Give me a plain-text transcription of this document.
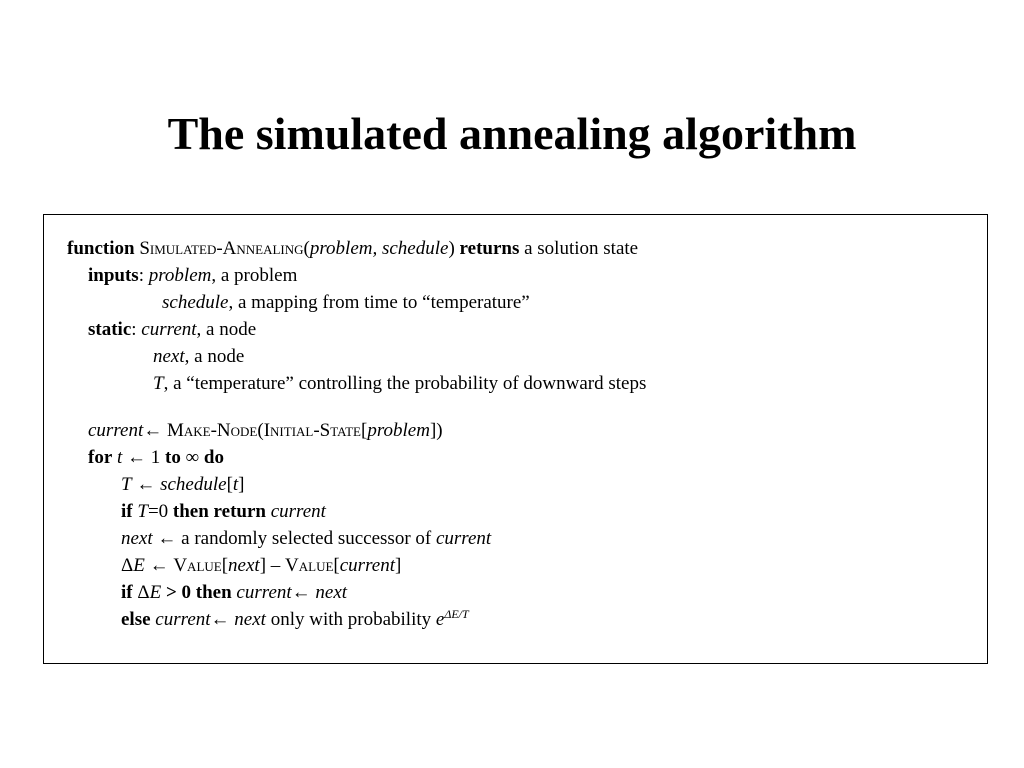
The simulated annealing algorithm
function Simulated-Annealing(problem, schedule) returns a solution state
inputs: problem, a problem
schedule, a mapping from time to “temperature”
static: current, a node
next, a node
T, a “temperature” controlling the probability of downward steps
current← Make-Node(Initial-State[problem])
for t ← 1 to ∞ do
T ← schedule[t]
if T=0 then return current
next ← a randomly selected successor of current
ΔE ← Value[next] – Value[current]
if ΔE > 0 then current← next
else current← next only with probability $e^{\Delta E/T}$
